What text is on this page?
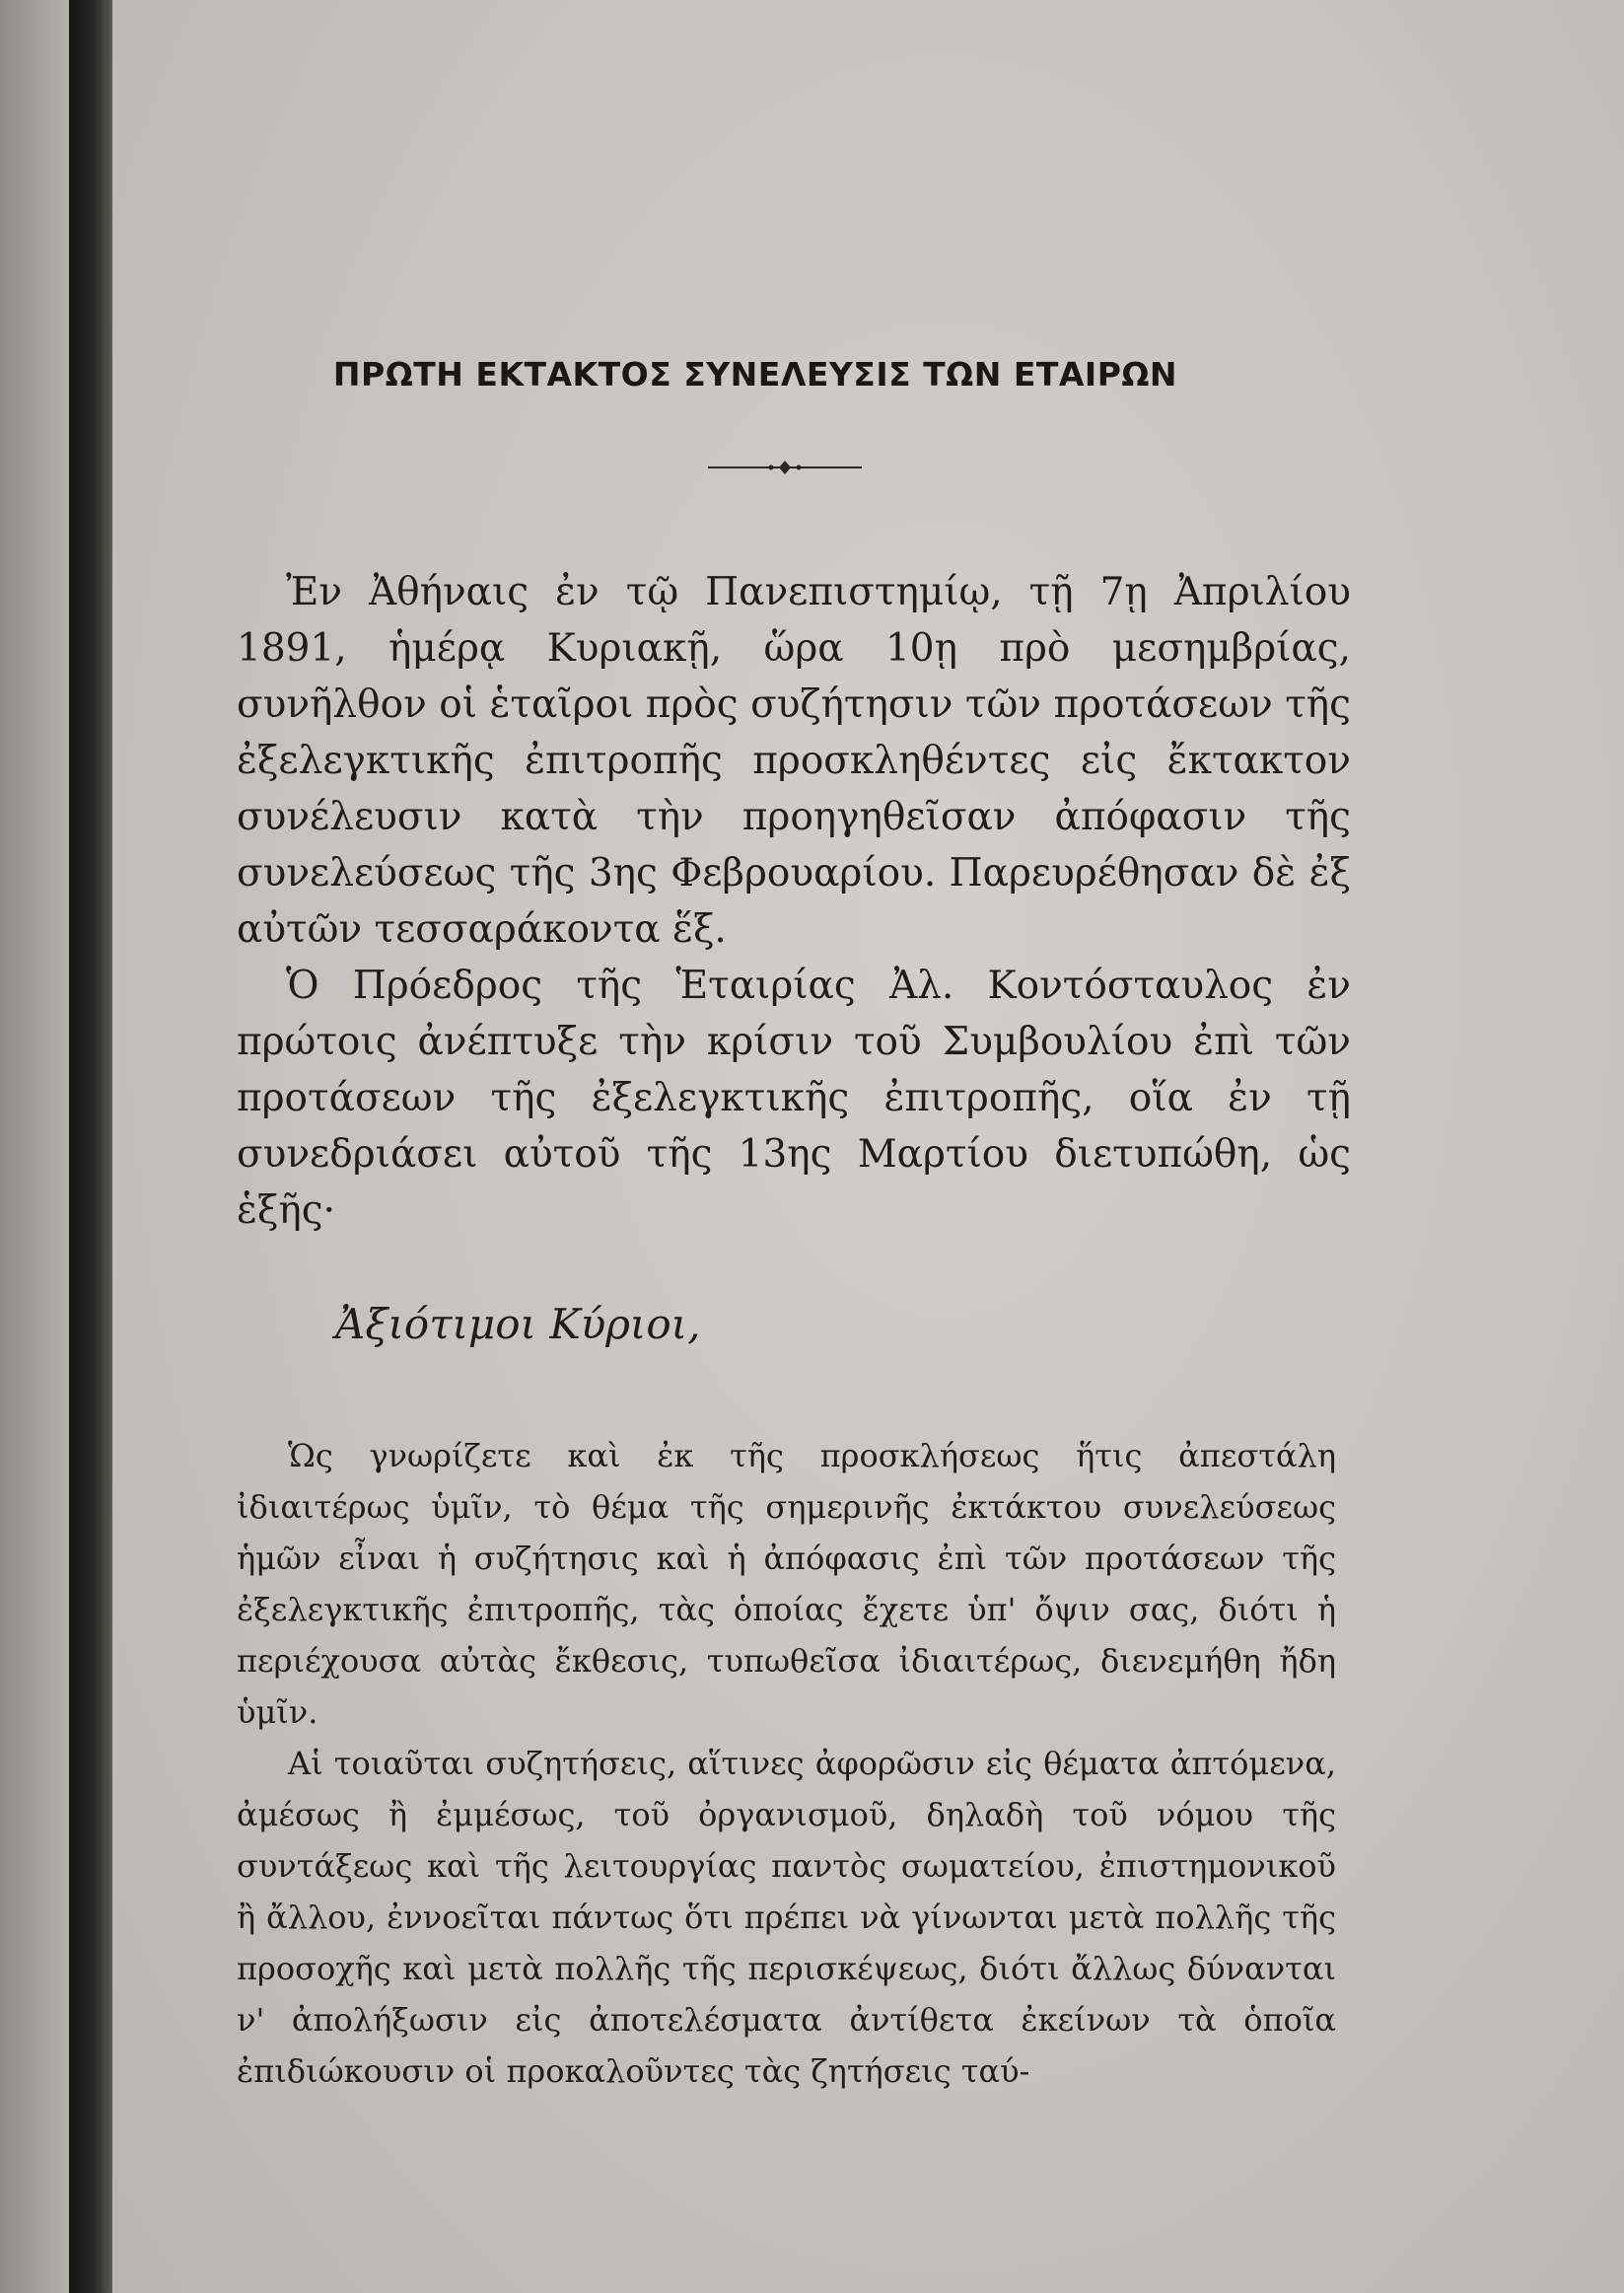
ΠΡΩΤΗ ΕΚΤΑΚΤΟΣ ΣΥΝΕΛΕΥΣΙΣ ΤΩΝ ΕΤΑΙΡΩΝ

Ἐν Ἀθήναις ἐν τῷ Πανεπιστημίῳ, τῇ 7ῃ Ἀπριλίου 1891, ἡμέρᾳ Κυριακῇ, ὥρα 10ῃ πρὸ μεσημβρίας, συνῆλθον οἱ ἑταῖροι πρὸς συζήτησιν τῶν προτάσεων τῆς ἐξελεγκτικῆς ἐπιτροπῆς προσκληθέντες εἰς ἔκτακτον συνέλευσιν κατὰ τὴν προηγηθεῖσαν ἀπόφασιν τῆς συνελεύσεως τῆς 3ης Φεβρουαρίου. Παρευρέθησαν δὲ ἐξ αὐτῶν τεσσαράκοντα ἕξ.

Ὁ Πρόεδρος τῆς Ἑταιρίας Ἀλ. Κοντόσταυλος ἐν πρώτοις ἀνέπτυξε τὴν κρίσιν τοῦ Συμβουλίου ἐπὶ τῶν προτάσεων τῆς ἐξελεγκτικῆς ἐπιτροπῆς, οἵα ἐν τῇ συνεδριάσει αὐτοῦ τῆς 13ης Μαρτίου διετυπώθη, ὡς ἑξῆς·

Ἀξιότιμοι Κύριοι,

Ὡς γνωρίζετε καὶ ἐκ τῆς προσκλήσεως ἥτις ἀπεστάλη ἰδιαιτέρως ὑμῖν, τὸ θέμα τῆς σημερινῆς ἐκτάκτου συνελεύσεως ἡμῶν εἶναι ἡ συζήτησις καὶ ἡ ἀπόφασις ἐπὶ τῶν προτάσεων τῆς ἐξελεγκτικῆς ἐπιτροπῆς, τὰς ὁποίας ἔχετε ὑπ' ὄψιν σας, διότι ἡ περιέχουσα αὐτὰς ἔκθεσις, τυπωθεῖσα ἰδιαιτέρως, διενεμήθη ἤδη ὑμῖν.

Αἱ τοιαῦται συζητήσεις, αἵτινες ἀφορῶσιν εἰς θέματα ἀπτόμενα, ἀμέσως ἢ ἐμμέσως, τοῦ ὀργανισμοῦ, δηλαδὴ τοῦ νόμου τῆς συντάξεως καὶ τῆς λειτουργίας παντὸς σωματείου, ἐπιστημονικοῦ ἢ ἄλλου, ἐννοεῖται πάντως ὅτι πρέπει νὰ γίνωνται μετὰ πολλῆς τῆς προσοχῆς καὶ μετὰ πολλῆς τῆς περισκέψεως, διότι ἄλλως δύνανται ν' ἀπολήξωσιν εἰς ἀποτελέσματα ἀντίθετα ἐκείνων τὰ ὁποῖα ἐπιδιώκουσιν οἱ προκαλοῦντες τὰς ζητήσεις ταύ-
